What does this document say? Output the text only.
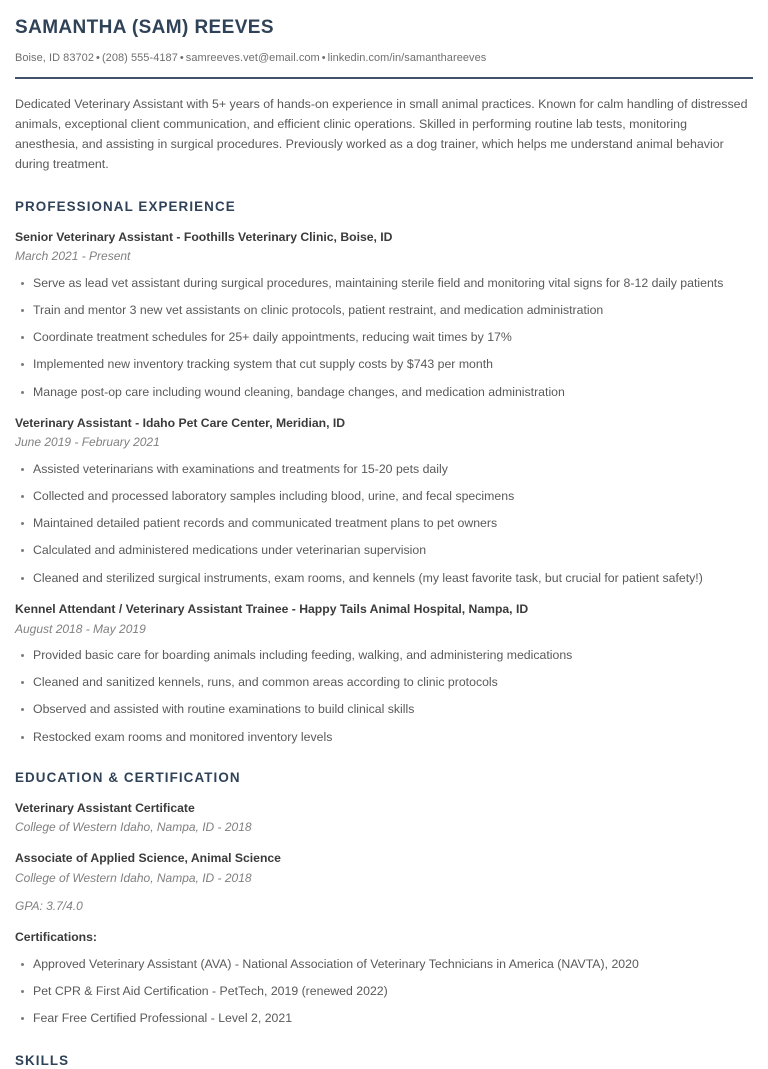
SAMANTHA (SAM) REEVES

Boise, ID 83702 • (208) 555-4187 • samreeves.vet@email.com • linkedin.com/in/samanthareeves

Dedicated Veterinary Assistant with 5+ years of hands-on experience in small animal practices. Known for calm handling of distressed animals, exceptional client communication, and efficient clinic operations. Skilled in performing routine lab tests, monitoring anesthesia, and assisting in surgical procedures. Previously worked as a dog trainer, which helps me understand animal behavior during treatment.

PROFESSIONAL EXPERIENCE

Senior Veterinary Assistant - Foothills Veterinary Clinic, Boise, ID

March 2021 - Present

Serve as lead vet assistant during surgical procedures, maintaining sterile field and monitoring vital signs for 8-12 daily patients
Train and mentor 3 new vet assistants on clinic protocols, patient restraint, and medication administration
Coordinate treatment schedules for 25+ daily appointments, reducing wait times by 17%
Implemented new inventory tracking system that cut supply costs by $743 per month
Manage post-op care including wound cleaning, bandage changes, and medication administration

Veterinary Assistant - Idaho Pet Care Center, Meridian, ID

June 2019 - February 2021

Assisted veterinarians with examinations and treatments for 15-20 pets daily
Collected and processed laboratory samples including blood, urine, and fecal specimens
Maintained detailed patient records and communicated treatment plans to pet owners
Calculated and administered medications under veterinarian supervision
Cleaned and sterilized surgical instruments, exam rooms, and kennels (my least favorite task, but crucial for patient safety!)

Kennel Attendant / Veterinary Assistant Trainee - Happy Tails Animal Hospital, Nampa, ID

August 2018 - May 2019

Provided basic care for boarding animals including feeding, walking, and administering medications
Cleaned and sanitized kennels, runs, and common areas according to clinic protocols
Observed and assisted with routine examinations to build clinical skills
Restocked exam rooms and monitored inventory levels
EDUCATION & CERTIFICATION

Veterinary Assistant Certificate

College of Western Idaho, Nampa, ID - 2018

Associate of Applied Science, Animal Science

College of Western Idaho, Nampa, ID - 2018

GPA: 3.7/4.0

Certifications:

Approved Veterinary Assistant (AVA) - National Association of Veterinary Technicians in America (NAVTA), 2020
Pet CPR & First Aid Certification - PetTech, 2019 (renewed 2022)
Fear Free Certified Professional - Level 2, 2021
SKILLS
